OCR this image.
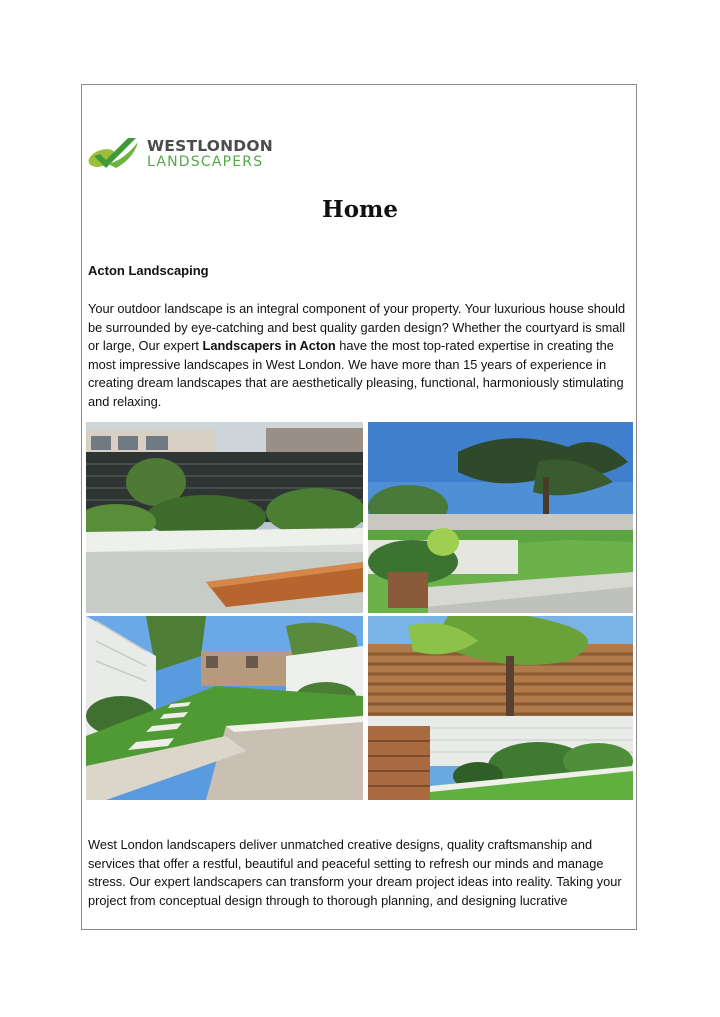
WESTLONDON
LANDSCAPERS
Home
Acton Landscaping

Your outdoor landscape is an integral component of your property. Your luxurious house should be surrounded by eye-catching and best quality garden design? Whether the courtyard is small or large, Our expert Landscapers in Acton have the most top-rated expertise in creating the most impressive landscapes in West London. We have more than 15 years of experience in creating dream landscapes that are aesthetically pleasing, functional, harmoniously stimulating and relaxing.

West London landscapers deliver unmatched creative designs, quality craftsmanship and services that offer a restful, beautiful and peaceful setting to refresh our minds and manage stress. Our expert landscapers can transform your dream project ideas into reality. Taking your project from conceptual design through to thorough planning, and designing lucrative
